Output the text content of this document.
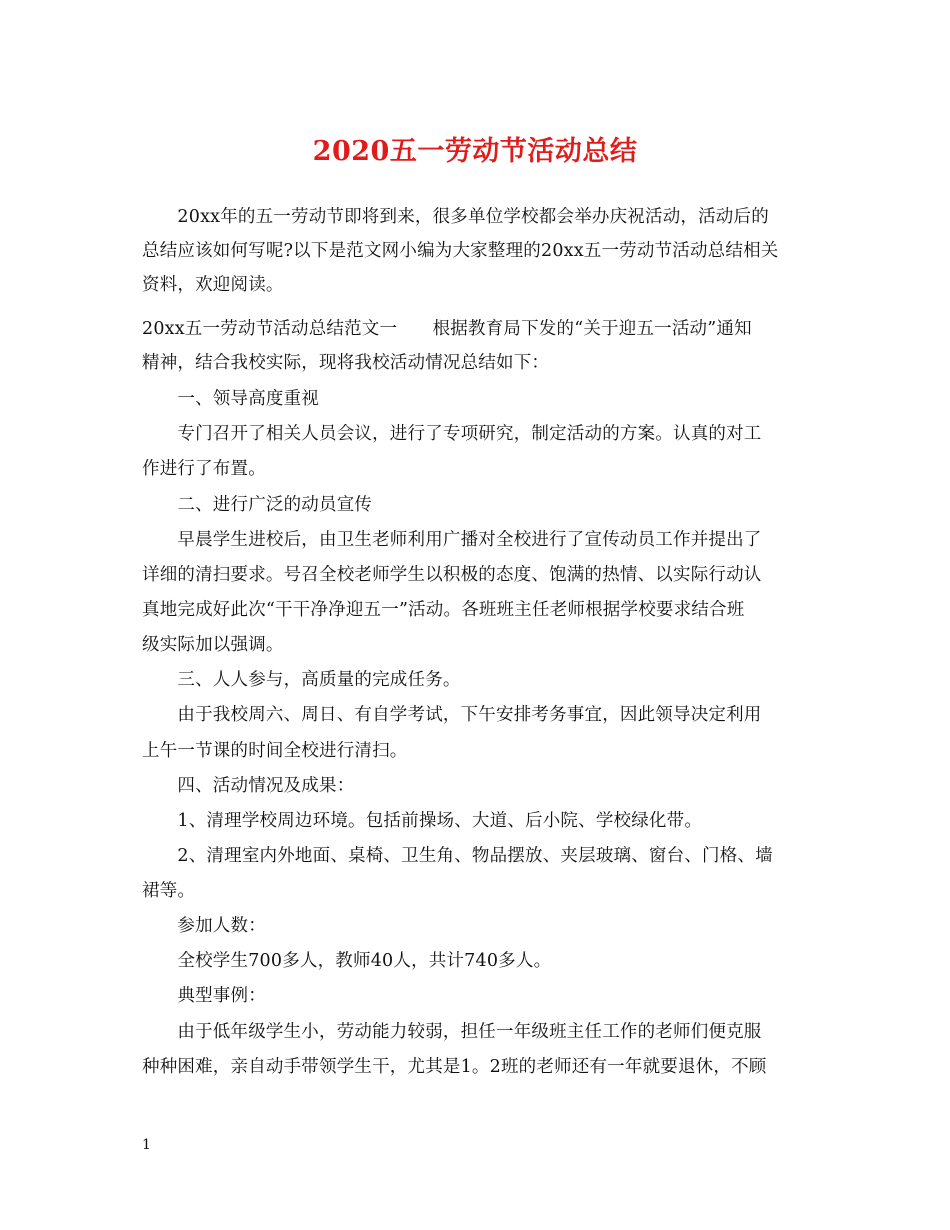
2020五一劳动节活动总结
　　20xx年的五一劳动节即将到来，很多单位学校都会举办庆祝活动，活动后的
总结应该如何写呢?以下是范文网小编为大家整理的20xx五一劳动节活动总结相关
资料，欢迎阅读。
20xx五一劳动节活动总结范文一　　根据教育局下发的“关于迎五一活动”通知
精神，结合我校实际，现将我校活动情况总结如下：
　　一、领导高度重视
　　专门召开了相关人员会议，进行了专项研究，制定活动的方案。认真的对工
作进行了布置。
　　二、进行广泛的动员宣传
　　早晨学生进校后，由卫生老师利用广播对全校进行了宣传动员工作并提出了
详细的清扫要求。号召全校老师学生以积极的态度、饱满的热情、以实际行动认
真地完成好此次“干干净净迎五一”活动。各班班主任老师根据学校要求结合班
级实际加以强调。
　　三、人人参与，高质量的完成任务。
　　由于我校周六、周日、有自学考试，下午安排考务事宜，因此领导决定利用
上午一节课的时间全校进行清扫。
　　四、活动情况及成果：
　　1、清理学校周边环境。包括前操场、大道、后小院、学校绿化带。
　　2、清理室内外地面、桌椅、卫生角、物品摆放、夹层玻璃、窗台、门格、墙
裙等。
　　参加人数：
　　全校学生700多人，教师40人，共计740多人。
　　典型事例：
　　由于低年级学生小，劳动能力较弱，担任一年级班主任工作的老师们便克服
种种困难，亲自动手带领学生干，尤其是1。2班的老师还有一年就要退休，不顾
1
